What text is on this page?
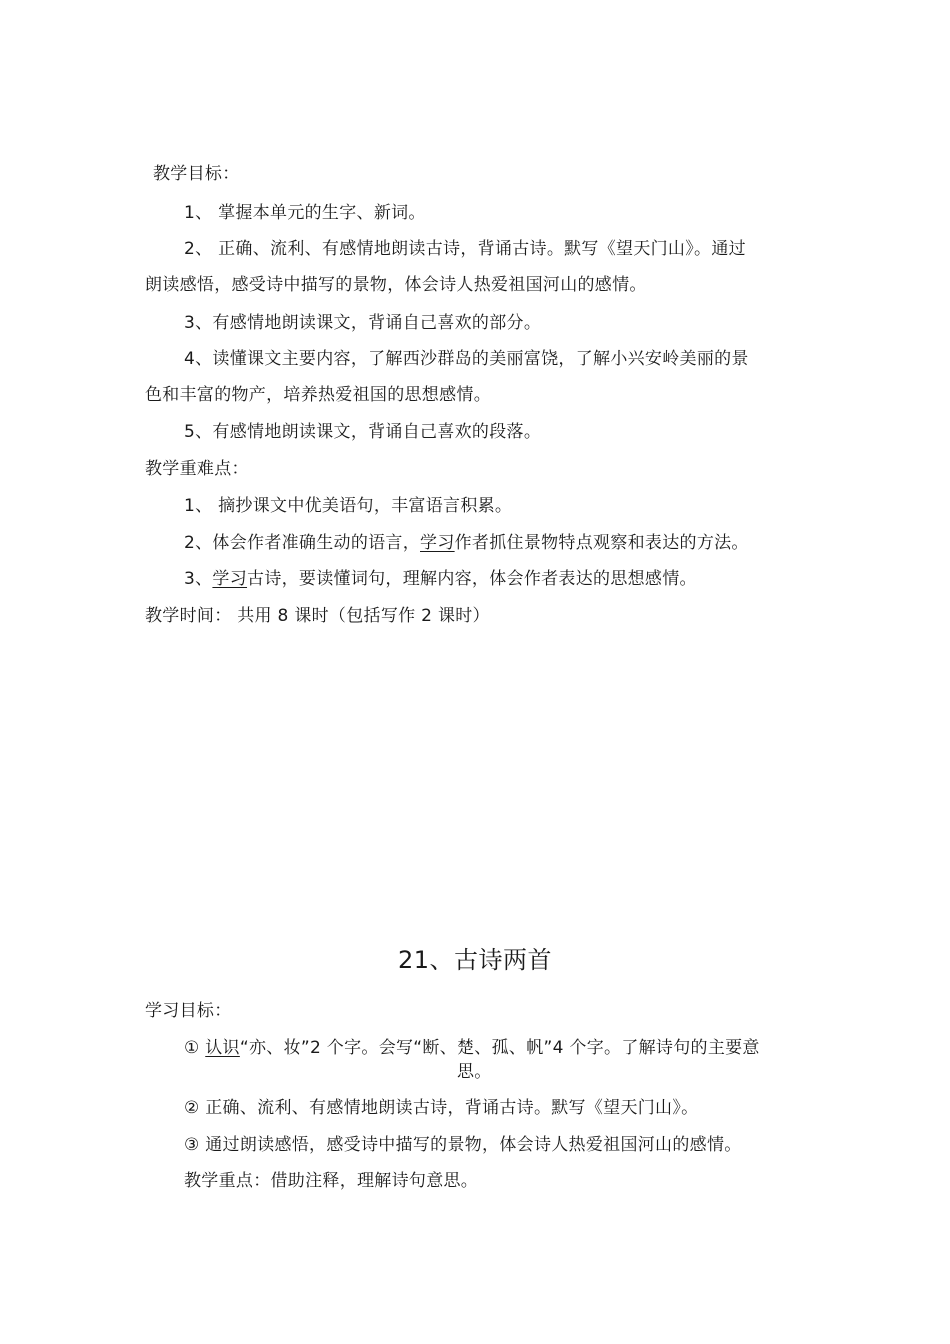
教学目标：
1、 掌握本单元的生字、新词。
2、 正确、流利、有感情地朗读古诗，背诵古诗。默写《望天门山》。通过
朗读感悟，感受诗中描写的景物，体会诗人热爱祖国河山的感情。
3、有感情地朗读课文，背诵自己喜欢的部分。
4、读懂课文主要内容，了解西沙群岛的美丽富饶，了解小兴安岭美丽的景
色和丰富的物产，培养热爱祖国的思想感情。
5、有感情地朗读课文，背诵自己喜欢的段落。
教学重难点：
1、 摘抄课文中优美语句，丰富语言积累。
2、体会作者准确生动的语言，学习作者抓住景物特点观察和表达的方法。
3、学习古诗，要读懂词句，理解内容，体会作者表达的思想感情。
教学时间： 共用 8 课时（包括写作 2 课时）
21、古诗两首
学习目标：
① 认识“亦、妆”2 个字。会写“断、楚、孤、帆”4 个字。了解诗句的主要意
思。
② 正确、流利、有感情地朗读古诗，背诵古诗。默写《望天门山》。
③ 通过朗读感悟，感受诗中描写的景物，体会诗人热爱祖国河山的感情。
教学重点：借助注释，理解诗句意思。
